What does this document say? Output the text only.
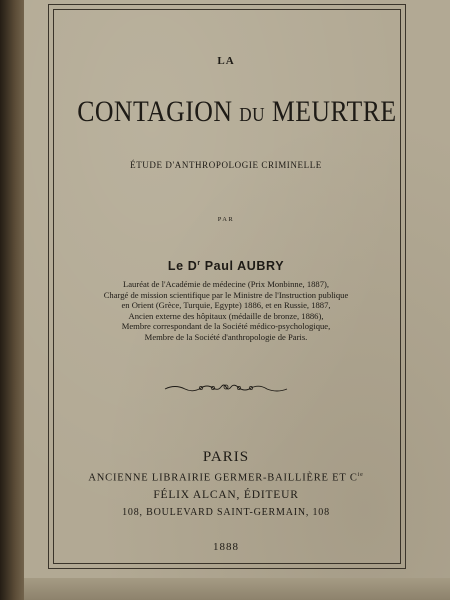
LA
CONTAGION DU MEURTRE
ÉTUDE D'ANTHROPOLOGIE CRIMINELLE
PAR
Le $D^r$ Paul AUBRY
Lauréat de l'Académie de médecine (Prix Monbinne, 1887),
Chargé de mission scientifique par le Ministre de l'Instruction publique
en Orient (Grèce, Turquie, Egypte) 1886, et en Russie, 1887,
Ancien externe des hôpitaux (médaille de bronze, 1886),
Membre correspondant de la Société médico-psychologique,
Membre de la Société d'anthropologie de Paris.
PARIS
ANCIENNE LIBRAIRIE GERMER-BAILLIÈRE ET $C^{ie}$
FÉLIX ALCAN, ÉDITEUR
108, BOULEVARD SAINT-GERMAIN, 108
1888
